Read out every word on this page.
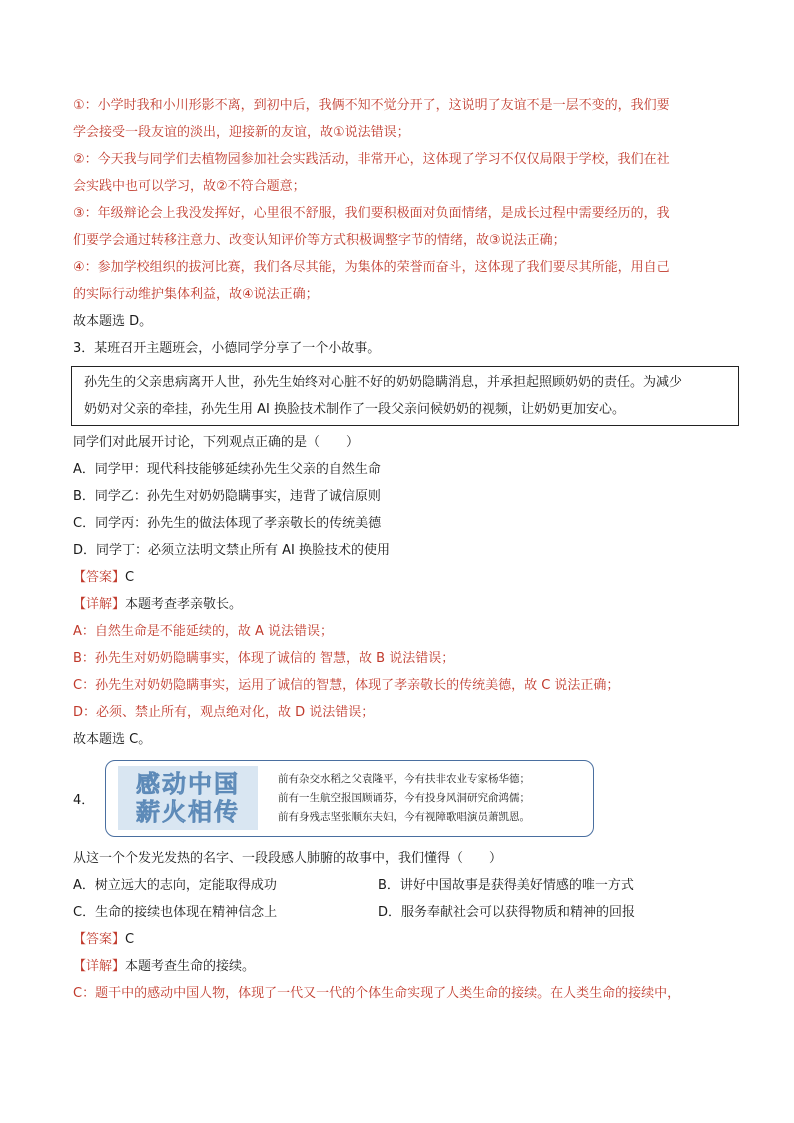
①：小学时我和小川形影不离，到初中后，我俩不知不觉分开了，这说明了友谊不是一层不变的，我们要
学会接受一段友谊的淡出，迎接新的友谊，故①说法错误；
②：今天我与同学们去植物园参加社会实践活动，非常开心，这体现了学习不仅仅局限于学校，我们在社
会实践中也可以学习，故②不符合题意；
③：年级辩论会上我没发挥好，心里很不舒服，我们要积极面对负面情绪，是成长过程中需要经历的，我
们要学会通过转移注意力、改变认知评价等方式积极调整字节的情绪，故③说法正确；
④：参加学校组织的拔河比赛，我们各尽其能，为集体的荣誉而奋斗，这体现了我们要尽其所能，用自己
的实际行动维护集体利益，故④说法正确；
故本题选 D。
3．某班召开主题班会，小德同学分享了一个小故事。
孙先生的父亲患病离开人世，孙先生始终对心脏不好的奶奶隐瞒消息，并承担起照顾奶奶的责任。为减少
奶奶对父亲的牵挂，孙先生用 AI 换脸技术制作了一段父亲问候奶奶的视频，让奶奶更加安心。
同学们对此展开讨论，下列观点正确的是（　　）
A．同学甲：现代科技能够延续孙先生父亲的自然生命
B．同学乙：孙先生对奶奶隐瞒事实，违背了诚信原则
C．同学丙：孙先生的做法体现了孝亲敬长的传统美德
D．同学丁：必须立法明文禁止所有 AI 换脸技术的使用
【答案】C
【详解】本题考查孝亲敬长。
A：自然生命是不能延续的，故 A 说法错误；
B：孙先生对奶奶隐瞒事实，体现了诚信的 智慧，故 B 说法错误；
C：孙先生对奶奶隐瞒事实，运用了诚信的智慧，体现了孝亲敬长的传统美德，故 C 说法正确；
D：必须、禁止所有，观点绝对化，故 D 说法错误；
故本题选 C。
4．
感动中国
薪火相传
前有杂交水稻之父袁隆平，今有扶非农业专家杨华德；
前有一生航空报国顾诵芬，今有投身风洞研究俞鸿儒；
前有身残志坚张顺东夫妇，今有视障歌唱演员萧凯恩。
从这一个个发光发热的名字、一段段感人肺腑的故事中，我们懂得（　　）
A．树立远大的志向，定能取得成功	B．讲好中国故事是获得美好情感的唯一方式
C．生命的接续也体现在精神信念上	D．服务奉献社会可以获得物质和精神的回报
【答案】C
【详解】本题考查生命的接续。
C：题干中的感动中国人物，体现了一代又一代的个体生命实现了人类生命的接续。在人类生命的接续中，
